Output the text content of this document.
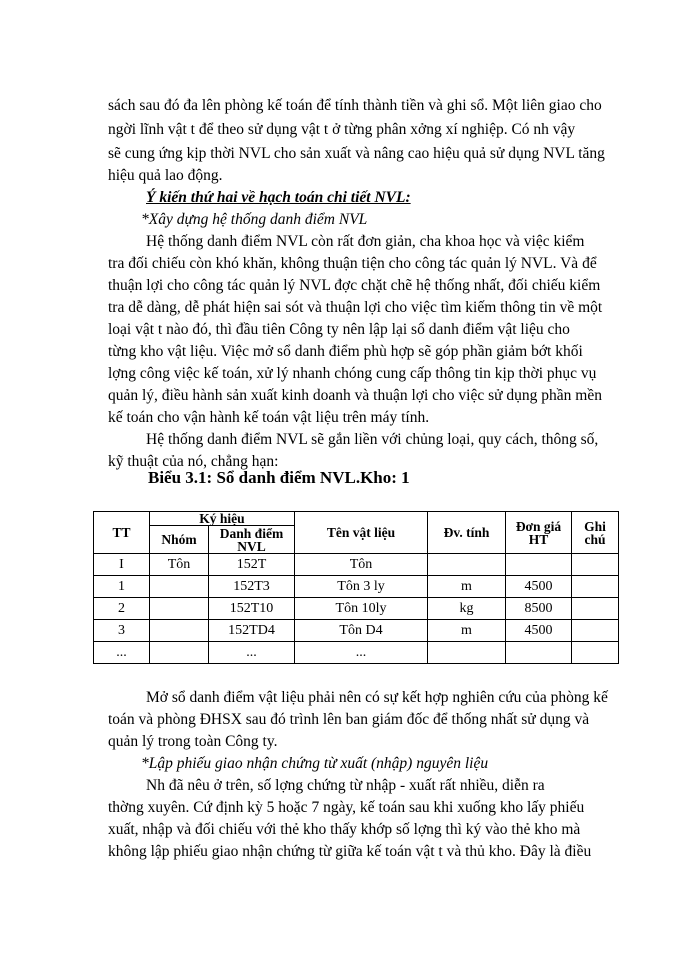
sách sau đó đa lên phòng kế toán để tính thành tiền và ghi sổ. Một liên giao cho
ngời lĩnh vật t để theo sử dụng vật t ở từng phân xởng xí nghiệp. Có nh vậy
sẽ cung ứng kịp thời NVL cho sản xuất và nâng cao hiệu quả sử dụng NVL tăng
hiệu quả lao động.
Ý kiến thứ hai về hạch toán chi tiết NVL:
*Xây dựng hệ thống danh điểm NVL
Hệ thống danh điểm NVL còn rất đơn giản, cha khoa học và việc kiểm
tra đối chiếu còn khó khăn, không thuận tiện cho công tác quản lý NVL. Và để
thuận lợi cho công tác quản lý NVL đợc chặt chẽ hệ thống nhất, đối chiếu kiểm
tra dễ dàng, dễ phát hiện sai sót và thuận lợi cho việc tìm kiếm thông tin về một
loại vật t nào đó, thì đầu tiên Công ty nên lập lại sổ danh điểm vật liệu cho
từng kho vật liệu. Việc mở sổ danh điểm phù hợp sẽ góp phần giảm bớt khối
lợng công việc kế toán, xử lý nhanh chóng cung cấp thông tin kịp thời phục vụ
quản lý, điều hành sản xuất kinh doanh và thuận lợi cho việc sử dụng phần mền
kế toán cho vận hành kế toán vật liệu trên máy tính.
Hệ thống danh điểm NVL sẽ gắn liền với chủng loại, quy cách, thông số,
kỹ thuật của nó, chẳng hạn:
Biểu 3.1: Sổ danh điểm NVL.Kho: 1
TT	Ký hiệu		Tên vật liệu	Đv. tính	Đơn giá HT	Ghi chú
	Nhóm	Danh điểm NVL				
I	Tôn	152T	Tôn			
1		152T3	Tôn 3 ly	m	4500	
2		152T10	Tôn 10ly	kg	8500	
3		152TD4	Tôn D4	m	4500	
...		...	...			
Mở sổ danh điểm vật liệu phải nên có sự kết hợp nghiên cứu của phòng kế
toán và phòng ĐHSX sau đó trình lên ban giám đốc để thống nhất sử dụng và
quản lý trong toàn Công ty.
*Lập phiếu giao nhận chứng từ xuất (nhập) nguyên liệu
Nh đã nêu ở trên, số lợng chứng từ nhập - xuất rất nhiều, diễn ra
thờng xuyên. Cứ định kỳ 5 hoặc 7 ngày, kế toán sau khi xuống kho lấy phiếu
xuất, nhập và đối chiếu với thẻ kho thấy khớp số lợng thì ký vào thẻ kho mà
không lập phiếu giao nhận chứng từ giữa kế toán vật t và thủ kho. Đây là điều
